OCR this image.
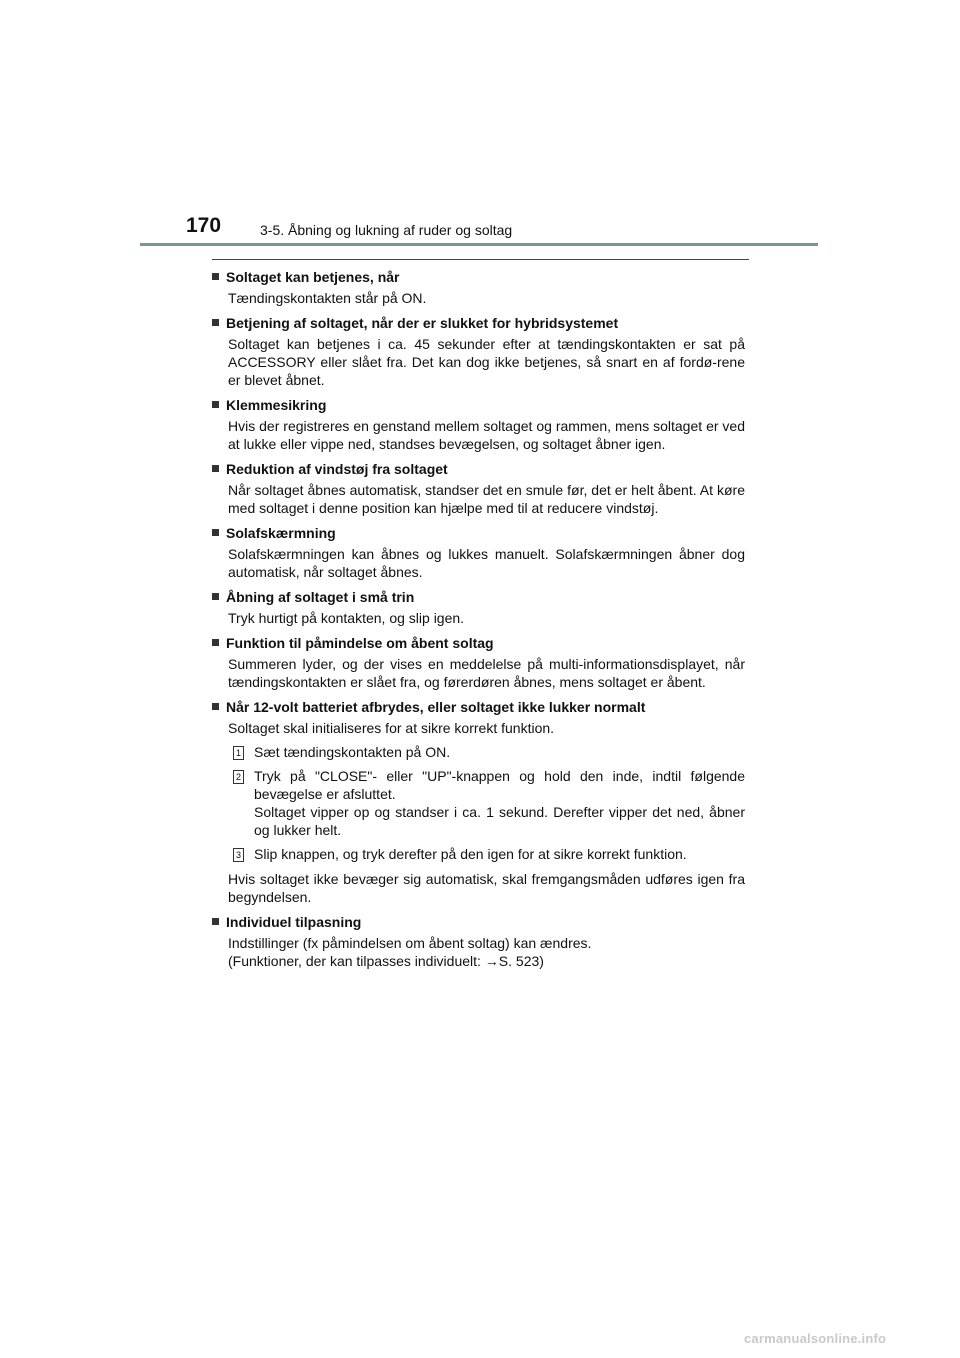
170	3-5. Åbning og lukning af ruder og soltag
Soltaget kan betjenes, når
Tændingskontakten står på ON.
Betjening af soltaget, når der er slukket for hybridsystemet
Soltaget kan betjenes i ca. 45 sekunder efter at tændingskontakten er sat på ACCESSORY eller slået fra. Det kan dog ikke betjenes, så snart en af fordø-rene er blevet åbnet.
Klemmesikring
Hvis der registreres en genstand mellem soltaget og rammen, mens soltaget er ved at lukke eller vippe ned, standses bevægelsen, og soltaget åbner igen.
Reduktion af vindstøj fra soltaget
Når soltaget åbnes automatisk, standser det en smule før, det er helt åbent. At køre med soltaget i denne position kan hjælpe med til at reducere vindstøj.
Solafskærmning
Solafskærmningen kan åbnes og lukkes manuelt. Solafskærmningen åbner dog automatisk, når soltaget åbnes.
Åbning af soltaget i små trin
Tryk hurtigt på kontakten, og slip igen.
Funktion til påmindelse om åbent soltag
Summeren lyder, og der vises en meddelelse på multi-informationsdisplayet, når tændingskontakten er slået fra, og førerdøren åbnes, mens soltaget er åbent.
Når 12-volt batteriet afbrydes, eller soltaget ikke lukker normalt
Soltaget skal initialiseres for at sikre korrekt funktion.
1 Sæt tændingskontakten på ON.
2 Tryk på "CLOSE"- eller "UP"-knappen og hold den inde, indtil følgende bevægelse er afsluttet.
Soltaget vipper op og standser i ca. 1 sekund. Derefter vipper det ned, åbner og lukker helt.
3 Slip knappen, og tryk derefter på den igen for at sikre korrekt funktion.
Hvis soltaget ikke bevæger sig automatisk, skal fremgangsmåden udføres igen fra begyndelsen.
Individuel tilpasning
Indstillinger (fx påmindelsen om åbent soltag) kan ændres.
(Funktioner, der kan tilpasses individuelt: →S. 523)
carmanualsonline.info
